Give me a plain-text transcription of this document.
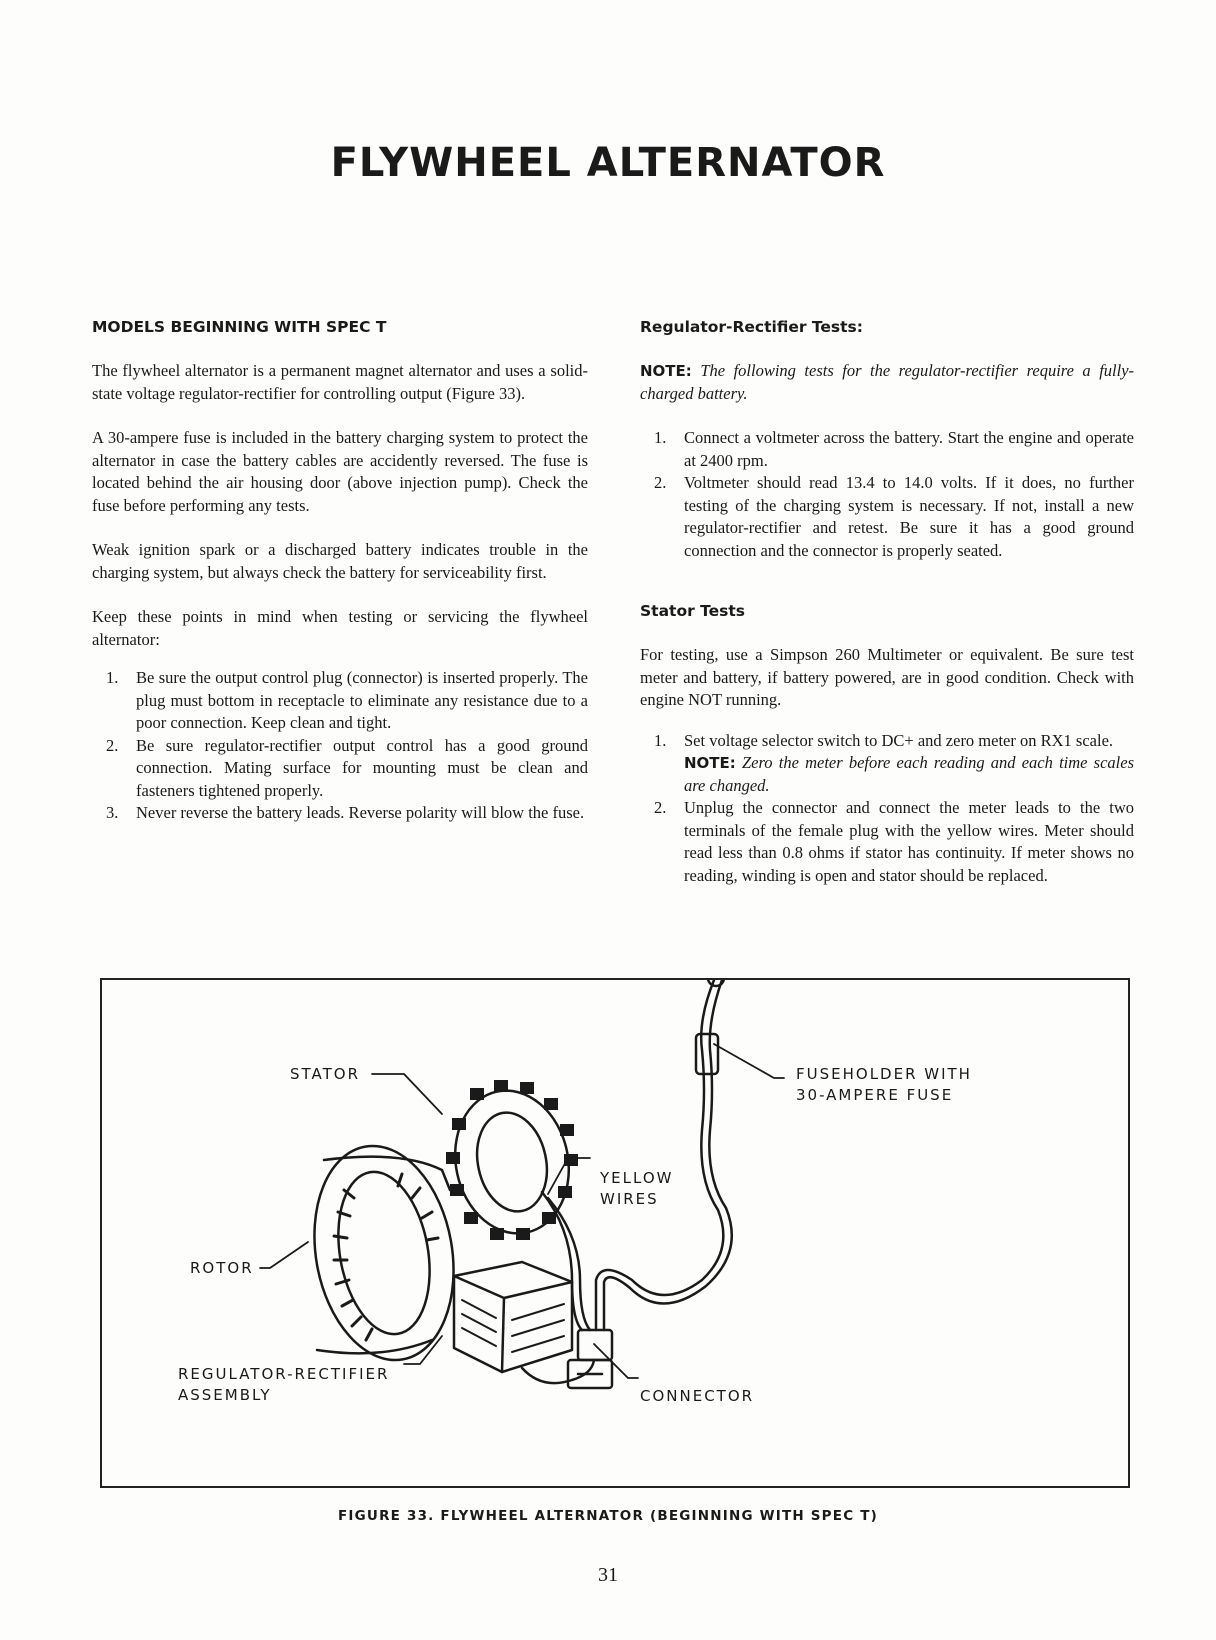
FLYWHEEL ALTERNATOR

MODELS BEGINNING WITH SPEC T

The flywheel alternator is a permanent magnet alternator and uses a solid-state voltage regulator-rectifier for controlling output (Figure 33).

A 30-ampere fuse is included in the battery charging system to protect the alternator in case the battery cables are accidently reversed. The fuse is located behind the air housing door (above injection pump). Check the fuse before performing any tests.

Weak ignition spark or a discharged battery indicates trouble in the charging system, but always check the battery for serviceability first.

Keep these points in mind when testing or servicing the flywheel alternator:

1. Be sure the output control plug (connector) is inserted properly. The plug must bottom in receptacle to eliminate any resistance due to a poor connection. Keep clean and tight.
2. Be sure regulator-rectifier output control has a good ground connection. Mating surface for mounting must be clean and fasteners tightened properly.
3. Never reverse the battery leads. Reverse polarity will blow the fuse.

Regulator-Rectifier Tests:

NOTE: The following tests for the regulator-rectifier require a fully-charged battery.

1. Connect a voltmeter across the battery. Start the engine and operate at 2400 rpm.
2. Voltmeter should read 13.4 to 14.0 volts. If it does, no further testing of the charging system is necessary. If not, install a new regulator-rectifier and retest. Be sure it has a good ground connection and the connector is properly seated.

Stator Tests

For testing, use a Simpson 260 Multimeter or equivalent. Be sure test meter and battery, if battery powered, are in good condition. Check with engine NOT running.

1. Set voltage selector switch to DC+ and zero meter on RX1 scale.
NOTE: Zero the meter before each reading and each time scales are changed.
2. Unplug the connector and connect the meter leads to the two terminals of the female plug with the yellow wires. Meter should read less than 0.8 ohms if stator has continuity. If meter shows no reading, winding is open and stator should be replaced.
STATOR	FUSEHOLDER WITH
30-AMPERE FUSE
YELLOW
WIRES
ROTOR
REGULATOR-RECTIFIER
ASSEMBLY	CONNECTOR
FIGURE 33. FLYWHEEL ALTERNATOR (BEGINNING WITH SPEC T)
31
